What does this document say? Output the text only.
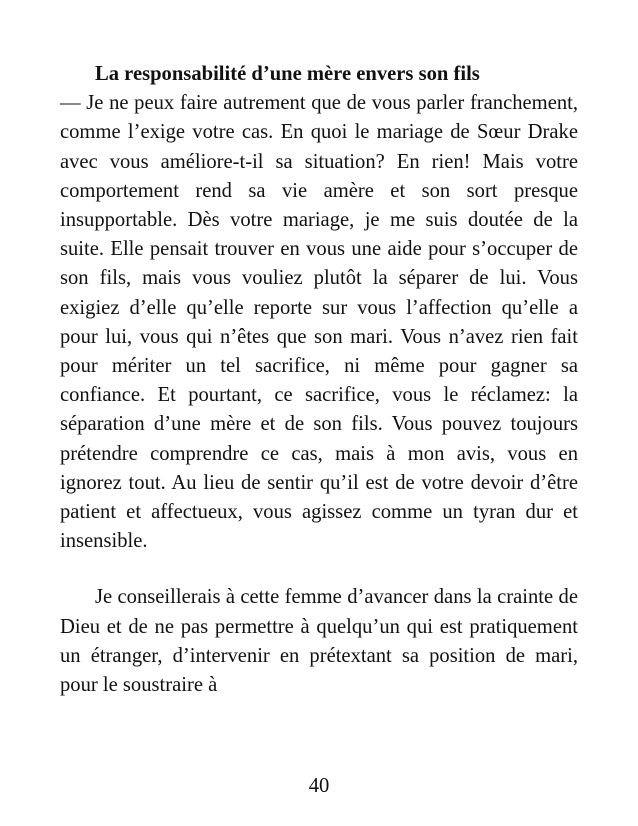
La responsabilité d’une mère envers son fils

— Je ne peux faire autrement que de vous parler franchement, comme l’exige votre cas. En quoi le mariage de Sœur Drake avec vous améliore-t-il sa situation? En rien! Mais votre comportement rend sa vie amère et son sort presque insupportable. Dès votre mariage, je me suis doutée de la suite. Elle pensait trouver en vous une aide pour s’occuper de son fils, mais vous vouliez plutôt la séparer de lui. Vous exigiez d’elle qu’elle reporte sur vous l’affection qu’elle a pour lui, vous qui n’êtes que son mari. Vous n’avez rien fait pour mériter un tel sacrifice, ni même pour gagner sa confiance. Et pourtant, ce sacrifice, vous le réclamez: la séparation d’une mère et de son fils. Vous pouvez toujours prétendre comprendre ce cas, mais à mon avis, vous en ignorez tout. Au lieu de sentir qu’il est de votre devoir d’être patient et affectueux, vous agissez comme un tyran dur et insensible.

Je conseillerais à cette femme d’avancer dans la crainte de Dieu et de ne pas permettre à quelqu’un qui est pratiquement un étranger, d’intervenir en prétextant sa position de mari, pour le soustraire à

40
